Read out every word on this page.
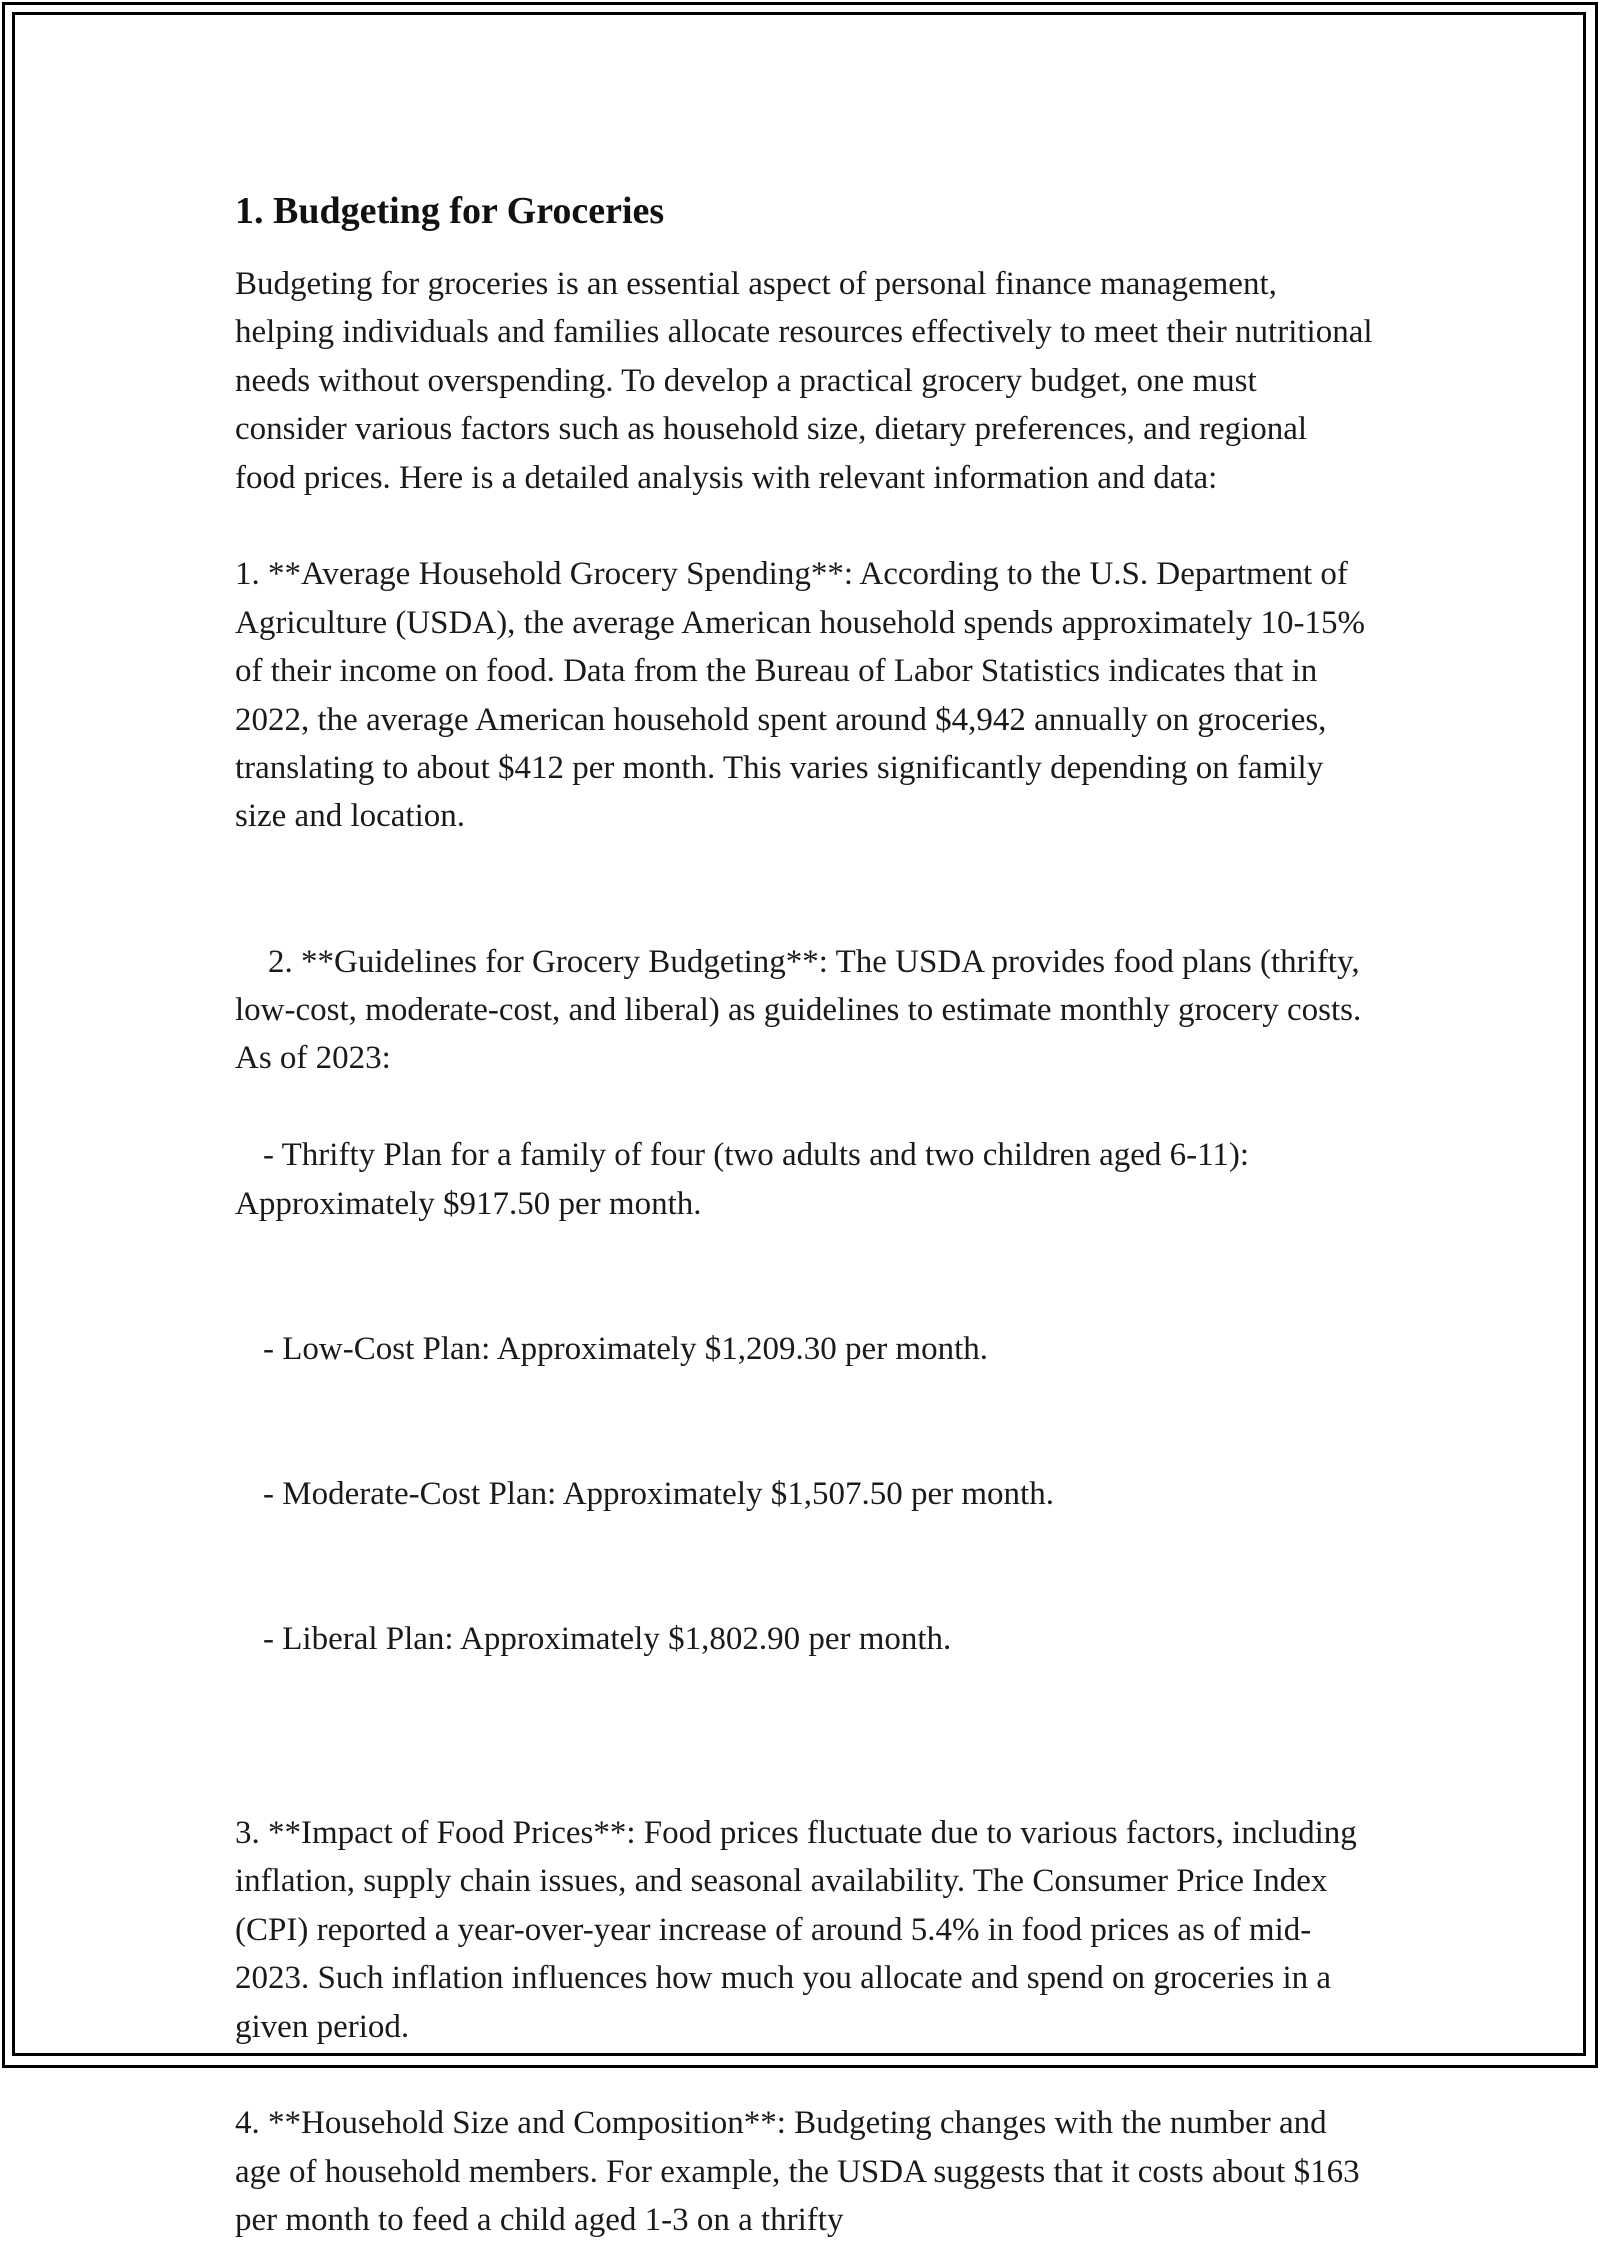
1. Budgeting for Groceries

Budgeting for groceries is an essential aspect of personal finance management, helping individuals and families allocate resources effectively to meet their nutritional needs without overspending. To develop a practical grocery budget, one must consider various factors such as household size, dietary preferences, and regional food prices. Here is a detailed analysis with relevant information and data:

1. **Average Household Grocery Spending**: According to the U.S. Department of Agriculture (USDA), the average American household spends approximately 10-15% of their income on food. Data from the Bureau of Labor Statistics indicates that in 2022, the average American household spent around $4,942 annually on groceries, translating to about $412 per month. This varies significantly depending on family size and location.

2. **Guidelines for Grocery Budgeting**: The USDA provides food plans (thrifty, low-cost, moderate-cost, and liberal) as guidelines to estimate monthly grocery costs. As of 2023:

- Thrifty Plan for a family of four (two adults and two children aged 6-11): Approximately $917.50 per month.

- Low-Cost Plan: Approximately $1,209.30 per month.

- Moderate-Cost Plan: Approximately $1,507.50 per month.

- Liberal Plan: Approximately $1,802.90 per month.

3. **Impact of Food Prices**: Food prices fluctuate due to various factors, including inflation, supply chain issues, and seasonal availability. The Consumer Price Index (CPI) reported a year-over-year increase of around 5.4% in food prices as of mid-2023. Such inflation influences how much you allocate and spend on groceries in a given period.

4. **Household Size and Composition**: Budgeting changes with the number and age of household members. For example, the USDA suggests that it costs about $163 per month to feed a child aged 1-3 on a thrifty
